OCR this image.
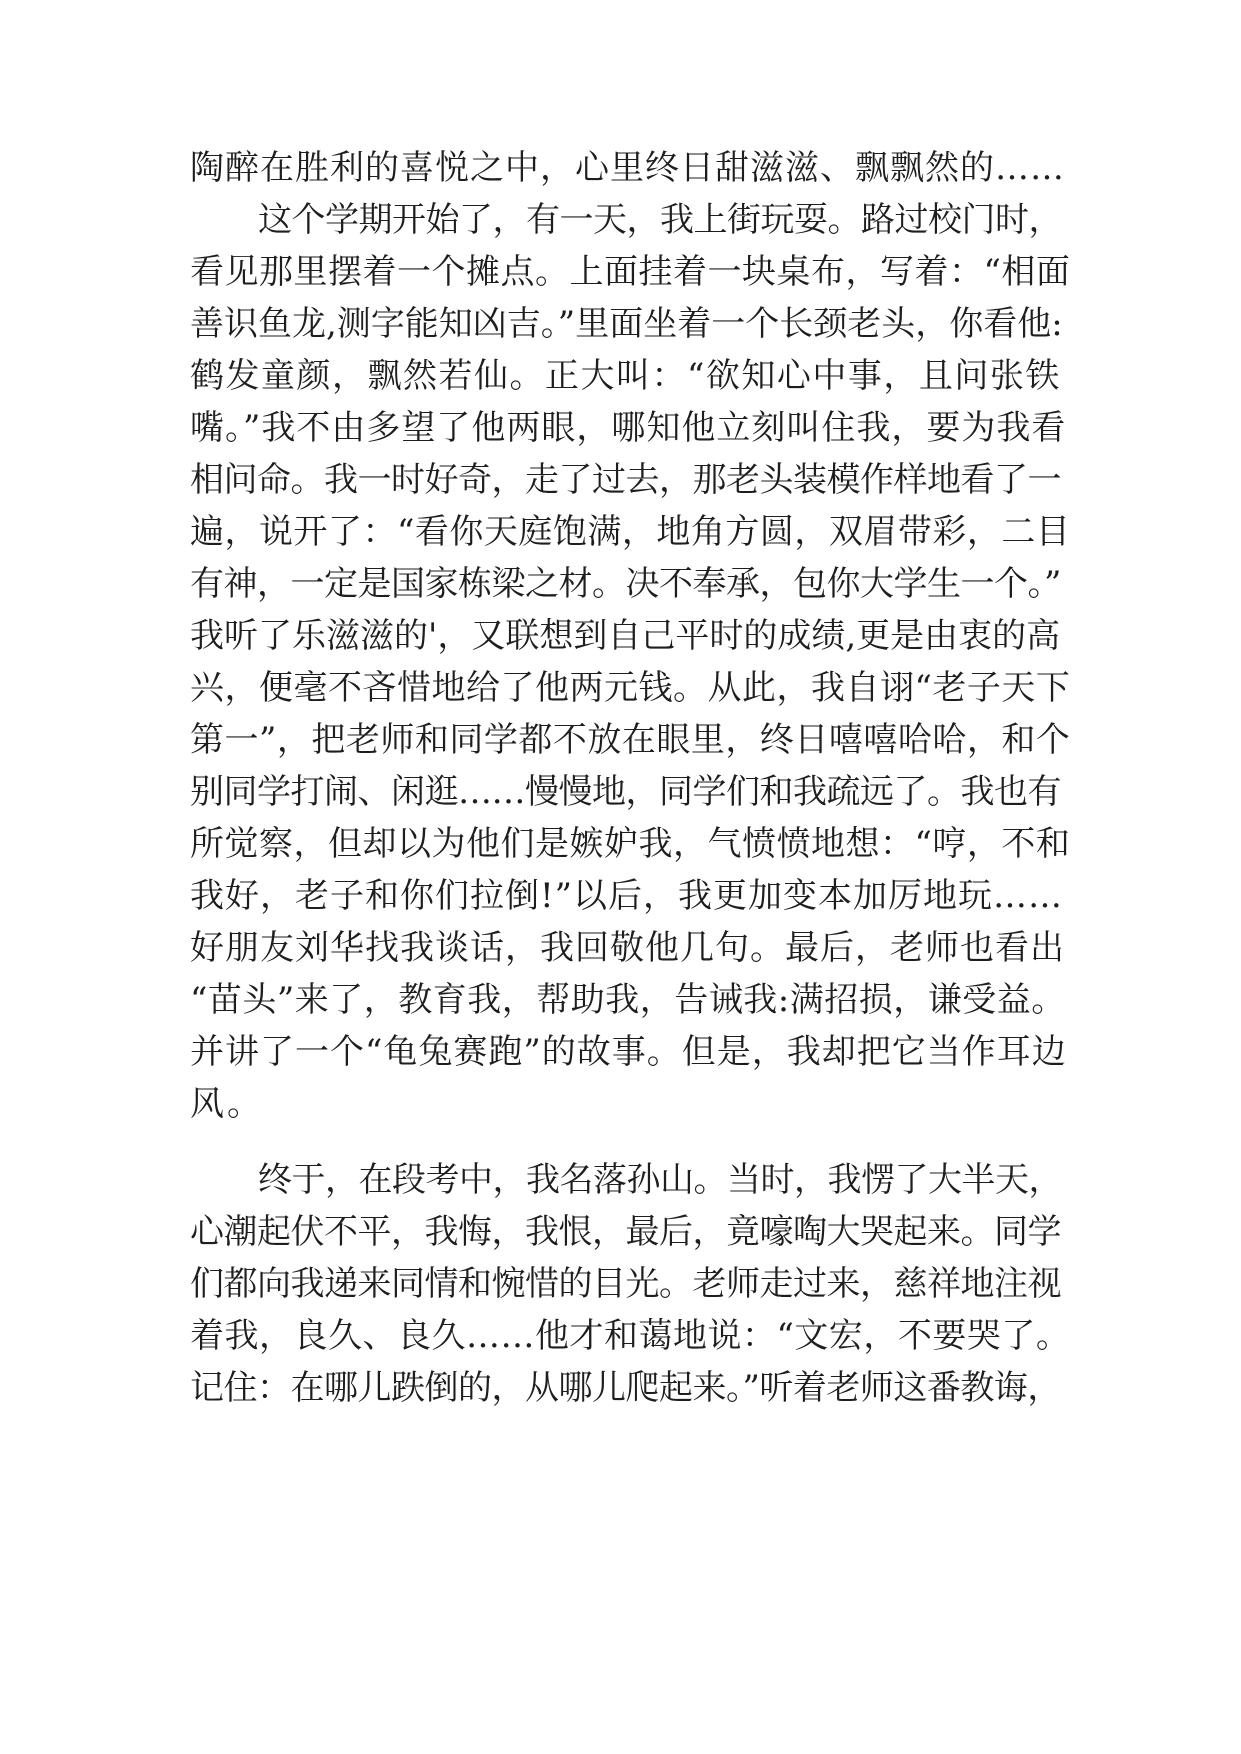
陶醉在胜利的喜悦之中，心里终日甜滋滋、飘飘然的……
这个学期开始了，有一天，我上街玩耍。路过校门时，
看见那里摆着一个摊点。上面挂着一块桌布，写着：“相面
善识鱼龙,测字能知凶吉。”里面坐着一个长颈老头，你看他:
鹤发童颜，飘然若仙。正大叫：“欲知心中事，且问张铁
嘴。”我不由多望了他两眼，哪知他立刻叫住我，要为我看
相问命。我一时好奇，走了过去，那老头装模作样地看了一
遍，说开了：“看你天庭饱满，地角方圆，双眉带彩，二目
有神，一定是国家栋梁之材。决不奉承，包你大学生一个。”
我听了乐滋滋的'，又联想到自己平时的成绩,更是由衷的高
兴，便毫不吝惜地给了他两元钱。从此，我自诩“老子天下
第一”，把老师和同学都不放在眼里，终日嘻嘻哈哈，和个
别同学打闹、闲逛……慢慢地，同学们和我疏远了。我也有
所觉察，但却以为他们是嫉妒我，气愤愤地想：“哼，不和
我好，老子和你们拉倒!”以后，我更加变本加厉地玩……
好朋友刘华找我谈话，我回敬他几句。最后，老师也看出
“苗头”来了，教育我，帮助我，告诫我:满招损，谦受益。
并讲了一个“龟兔赛跑”的故事。但是，我却把它当作耳边
风。
终于，在段考中，我名落孙山。当时，我愣了大半天，
心潮起伏不平，我悔，我恨，最后，竟嚎啕大哭起来。同学
们都向我递来同情和惋惜的目光。老师走过来，慈祥地注视
着我，良久、良久……他才和蔼地说：“文宏，不要哭了。
记住：在哪儿跌倒的，从哪儿爬起来。”听着老师这番教诲，
